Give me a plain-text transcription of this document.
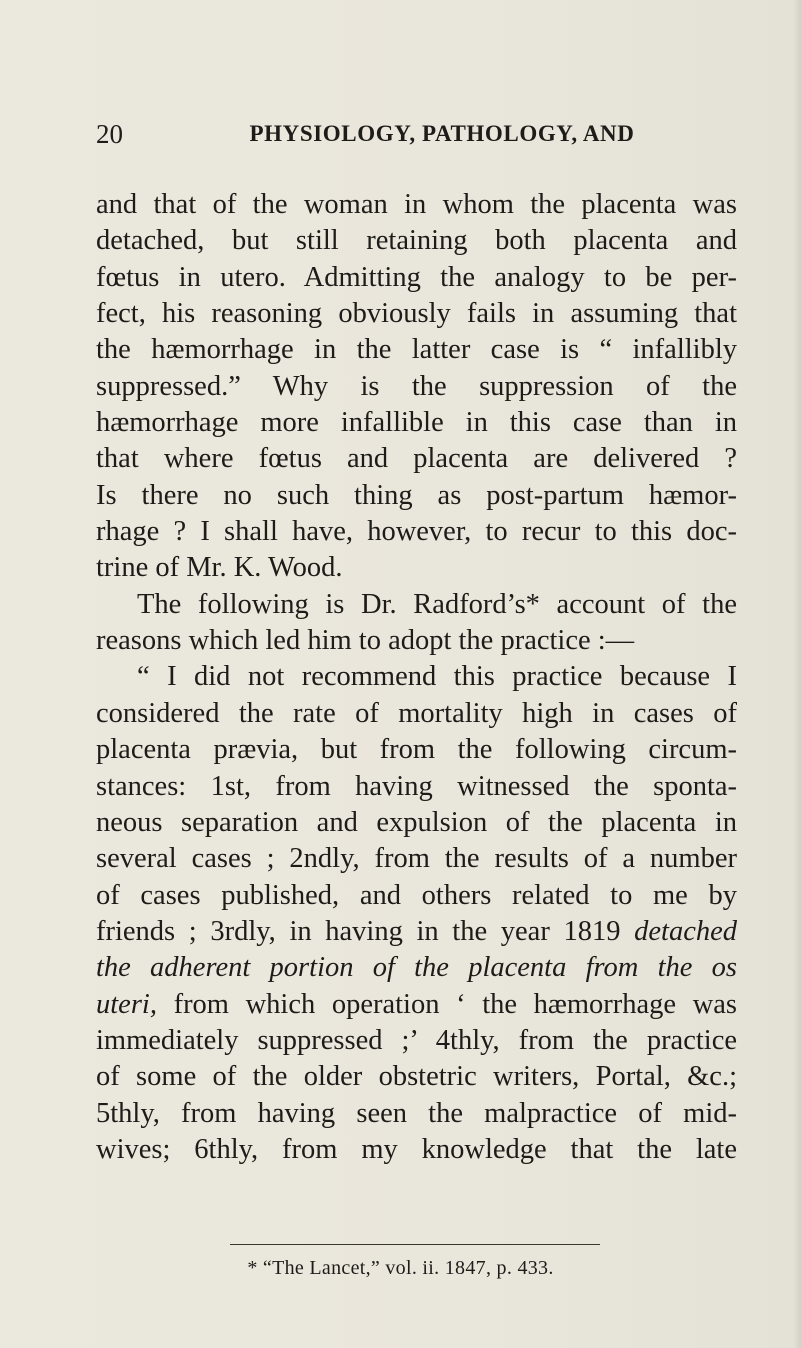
20	PHYSIOLOGY, PATHOLOGY, AND
and that of the woman in whom the placenta was
detached, but still retaining both placenta and
fœtus in utero. Admitting the analogy to be per-
fect, his reasoning obviously fails in assuming that
the hæmorrhage in the latter case is “ infallibly
suppressed.” Why is the suppression of the
hæmorrhage more infallible in this case than in
that where fœtus and placenta are delivered ?
Is there no such thing as post-partum hæmor-
rhage ? I shall have, however, to recur to this doc-
trine of Mr. K. Wood.
The following is Dr. Radford’s* account of the
reasons which led him to adopt the practice :—
“ I did not recommend this practice because I
considered the rate of mortality high in cases of
placenta prævia, but from the following circum-
stances: 1st, from having witnessed the sponta-
neous separation and expulsion of the placenta in
several cases ; 2ndly, from the results of a number
of cases published, and others related to me by
friends ; 3rdly, in having in the year 1819 detached
the adherent portion of the placenta from the os
uteri, from which operation ‘ the hæmorrhage was
immediately suppressed ;’ 4thly, from the practice
of some of the older obstetric writers, Portal, &c.;
5thly, from having seen the malpractice of mid-
wives; 6thly, from my knowledge that the late
* “The Lancet,” vol. ii. 1847, p. 433.
